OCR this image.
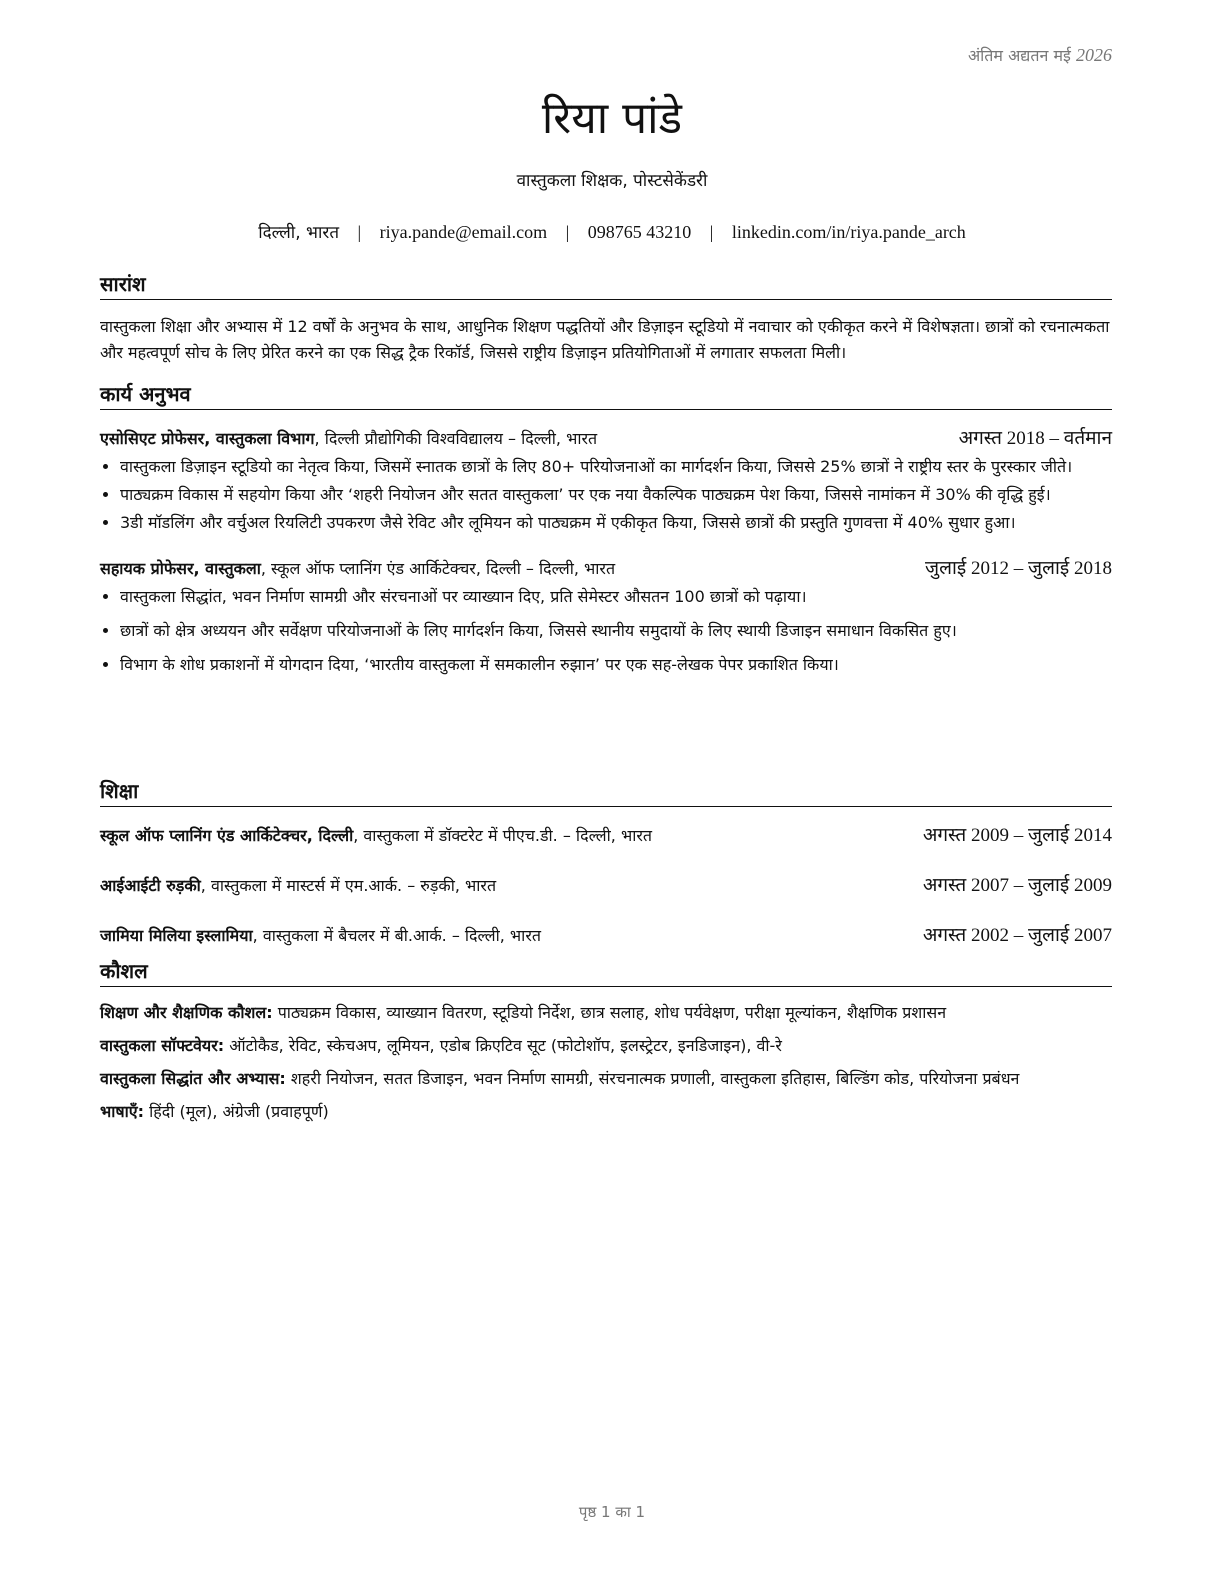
अंतिम अद्यतन मई 2026
रिया पांडे
वास्तुकला शिक्षक, पोस्टसेकेंडरी
दिल्ली, भारत | riya.pande@email.com | 098765 43210 | linkedin.com/in/riya.pande_arch
सारांश
वास्तुकला शिक्षा और अभ्यास में 12 वर्षों के अनुभव के साथ, आधुनिक शिक्षण पद्धतियों और डिज़ाइन स्टूडियो में नवाचार को एकीकृत करने में विशेषज्ञता। छात्रों को रचनात्मकता और महत्वपूर्ण सोच के लिए प्रेरित करने का एक सिद्ध ट्रैक रिकॉर्ड, जिससे राष्ट्रीय डिज़ाइन प्रतियोगिताओं में लगातार सफलता मिली।
कार्य अनुभव
एसोसिएट प्रोफेसर, वास्तुकला विभाग, दिल्ली प्रौद्योगिकी विश्वविद्यालय – दिल्ली, भारत	अगस्त 2018 – वर्तमान
• वास्तुकला डिज़ाइन स्टूडियो का नेतृत्व किया, जिसमें स्नातक छात्रों के लिए 80+ परियोजनाओं का मार्गदर्शन किया, जिससे 25% छात्रों ने राष्ट्रीय स्तर के पुरस्कार जीते।
• पाठ्यक्रम विकास में सहयोग किया और ‘शहरी नियोजन और सतत वास्तुकला’ पर एक नया वैकल्पिक पाठ्यक्रम पेश किया, जिससे नामांकन में 30% की वृद्धि हुई।
• 3डी मॉडलिंग और वर्चुअल रियलिटी उपकरण जैसे रेविट और लूमियन को पाठ्यक्रम में एकीकृत किया, जिससे छात्रों की प्रस्तुति गुणवत्ता में 40% सुधार हुआ।
सहायक प्रोफेसर, वास्तुकला, स्कूल ऑफ प्लानिंग एंड आर्किटेक्चर, दिल्ली – दिल्ली, भारत	जुलाई 2012 – जुलाई 2018
• वास्तुकला सिद्धांत, भवन निर्माण सामग्री और संरचनाओं पर व्याख्यान दिए, प्रति सेमेस्टर औसतन 100 छात्रों को पढ़ाया।
• छात्रों को क्षेत्र अध्ययन और सर्वेक्षण परियोजनाओं के लिए मार्गदर्शन किया, जिससे स्थानीय समुदायों के लिए स्थायी डिजाइन समाधान विकसित हुए।
• विभाग के शोध प्रकाशनों में योगदान दिया, ‘भारतीय वास्तुकला में समकालीन रुझान’ पर एक सह-लेखक पेपर प्रकाशित किया।
शिक्षा
स्कूल ऑफ प्लानिंग एंड आर्किटेक्चर, दिल्ली, वास्तुकला में डॉक्टरेट में पीएच.डी. – दिल्ली, भारत	अगस्त 2009 – जुलाई 2014
आईआईटी रुड़की, वास्तुकला में मास्टर्स में एम.आर्क. – रुड़की, भारत	अगस्त 2007 – जुलाई 2009
जामिया मिलिया इस्लामिया, वास्तुकला में बैचलर में बी.आर्क. – दिल्ली, भारत	अगस्त 2002 – जुलाई 2007
कौशल
शिक्षण और शैक्षणिक कौशल: पाठ्यक्रम विकास, व्याख्यान वितरण, स्टूडियो निर्देश, छात्र सलाह, शोध पर्यवेक्षण, परीक्षा मूल्यांकन, शैक्षणिक प्रशासन
वास्तुकला सॉफ्टवेयर: ऑटोकैड, रेविट, स्केचअप, लूमियन, एडोब क्रिएटिव सूट (फोटोशॉप, इलस्ट्रेटर, इनडिजाइन), वी-रे
वास्तुकला सिद्धांत और अभ्यास: शहरी नियोजन, सतत डिजाइन, भवन निर्माण सामग्री, संरचनात्मक प्रणाली, वास्तुकला इतिहास, बिल्डिंग कोड, परियोजना प्रबंधन
भाषाएँ: हिंदी (मूल), अंग्रेजी (प्रवाहपूर्ण)
पृष्ठ 1 का 1
